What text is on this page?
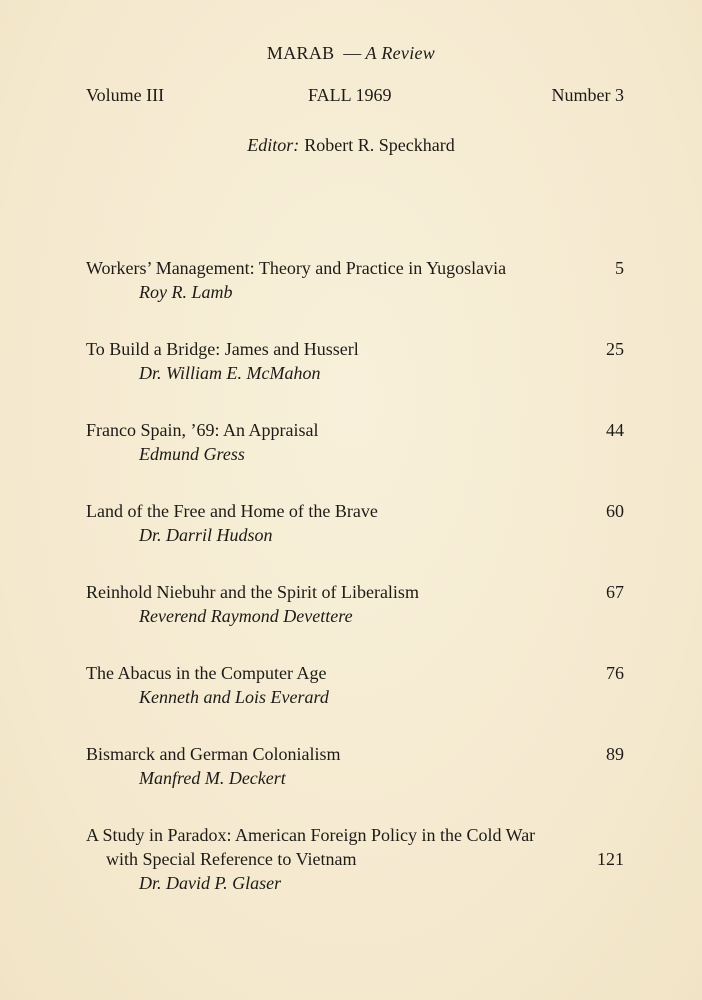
MARAB — A Review
Volume III	FALL 1969	Number 3
Editor: Robert R. Speckhard
Workers’ Management: Theory and Practice in Yugoslavia	5
Roy R. Lamb
To Build a Bridge: James and Husserl	25
Dr. William E. McMahon
Franco Spain, ’69: An Appraisal	44
Edmund Gress
Land of the Free and Home of the Brave	60
Dr. Darril Hudson
Reinhold Niebuhr and the Spirit of Liberalism	67
Reverend Raymond Devettere
The Abacus in the Computer Age	76
Kenneth and Lois Everard
Bismarck and German Colonialism	89
Manfred M. Deckert
A Study in Paradox: American Foreign Policy in the Cold War
with Special Reference to Vietnam	121
Dr. David P. Glaser
